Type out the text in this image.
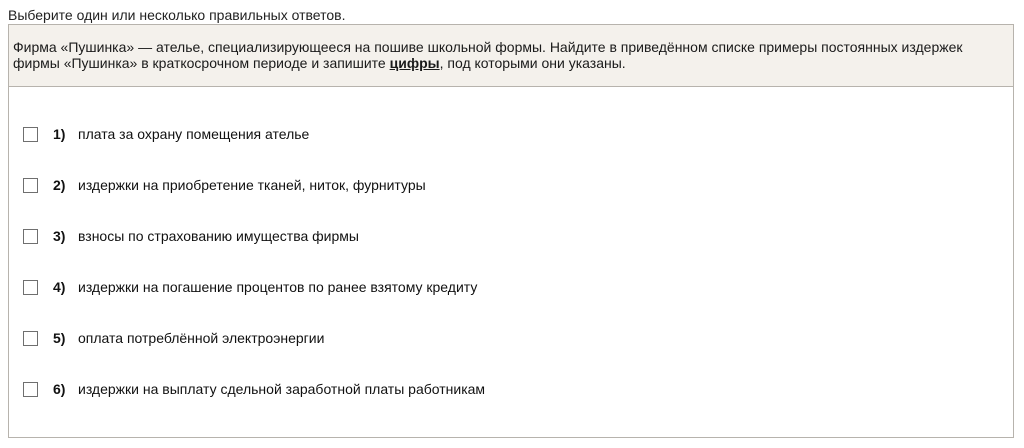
Выберите один или несколько правильных ответов.
Фирма «Пушинка» — ателье, специализирующееся на пошиве школьной формы. Найдите в приведённом списке примеры постоянных издержек фирмы «Пушинка» в краткосрочном периоде и запишите цифры, под которыми они указаны.
1) плата за охрану помещения ателье
2) издержки на приобретение тканей, ниток, фурнитуры
3) взносы по страхованию имущества фирмы
4) издержки на погашение процентов по ранее взятому кредиту
5) оплата потреблённой электроэнергии
6) издержки на выплату сдельной заработной платы работникам
